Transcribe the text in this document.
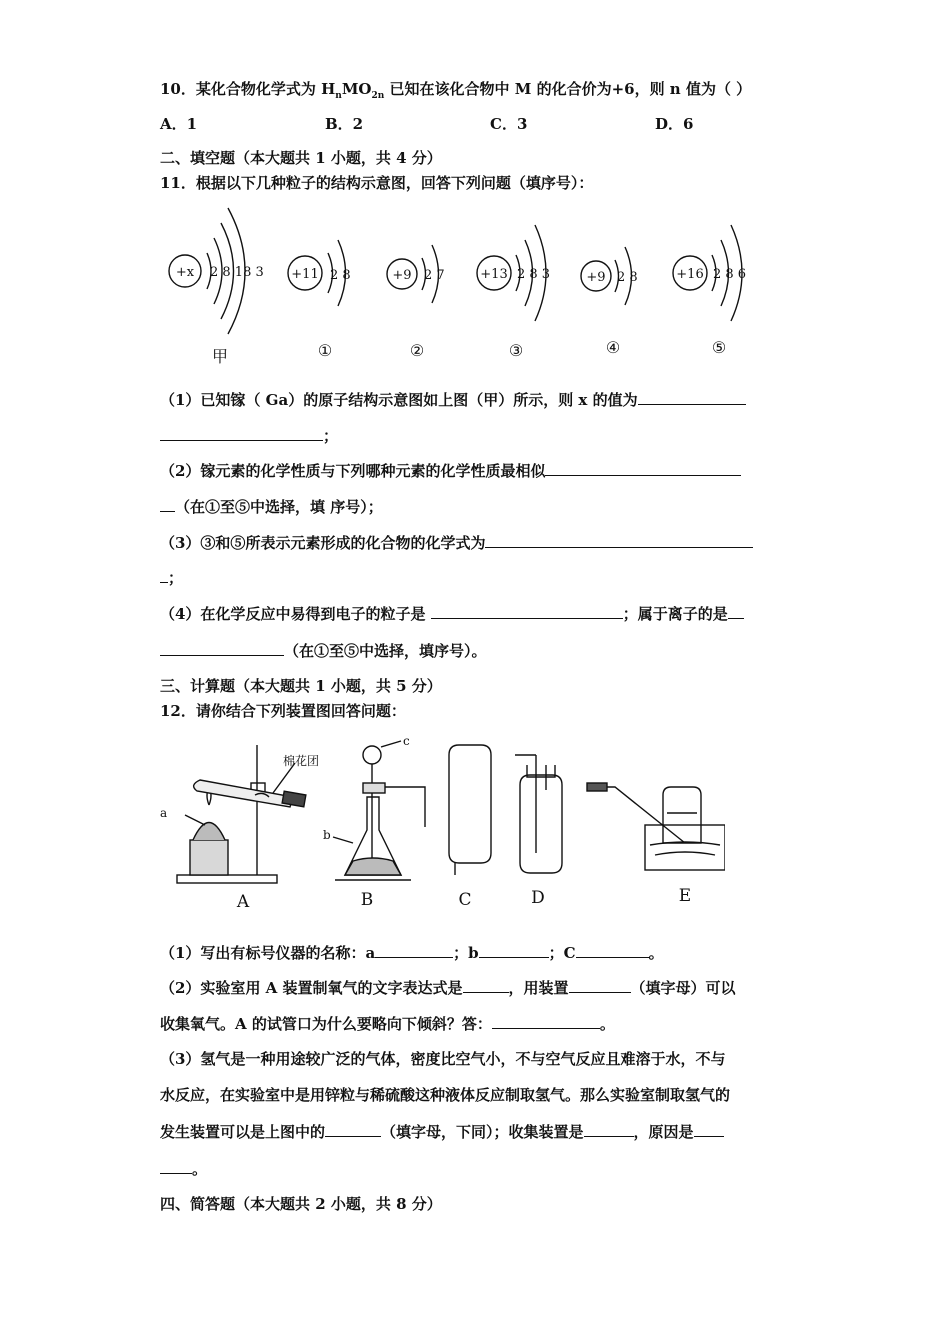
10．某化合物化学式为 $H_nMO_{2n}$ 已知在该化合物中 M 的化合价为+6，则 n 值为（ ）
A．1	B．2	C．3	D．6
二、填空题（本大题共 1 小题，共 4 分）
11．根据以下几种粒子的结构示意图，回答下列问题（填序号）：
+x 2 8 18 3 +11 2 8	+9 2 7	+13 2 8 3	+9 2 8	+16 2 8 6
甲	①	②	③	④	⑤
（1）已知镓（ Ga）的原子结构示意图如上图（甲）所示，则 x 的值为
；
（2）镓元素的化学性质与下列哪种元素的化学性质最相似
（在①至⑤中选择，填 序号）；
（3）③和⑤所表示元素形成的化合物的化学式为
；
（4）在化学反应中易得到电子的粒子是	；属于离子的是
（在①至⑤中选择，填序号）。
三、计算题（本大题共 1 小题，共 5 分）
12．请你结合下列装置图回答问题：
棉花团
a
b
c
A	B	C	D	E
（1）写出有标号仪器的名称：a	；b	；C	。
（2）实验室用 A 装置制氧气的文字表达式是	，用装置	（填字母）可以
收集氧气。A 的试管口为什么要略向下倾斜？答：	。
（3）氢气是一种用途较广泛的气体，密度比空气小，不与空气反应且难溶于水，不与
水反应，在实验室中是用锌粒与稀硫酸这种液体反应制取氢气。那么实验室制取氢气的
发生装置可以是上图中的	（填字母，下同）；收集装置是	，原因是
。
四、简答题（本大题共 2 小题，共 8 分）
